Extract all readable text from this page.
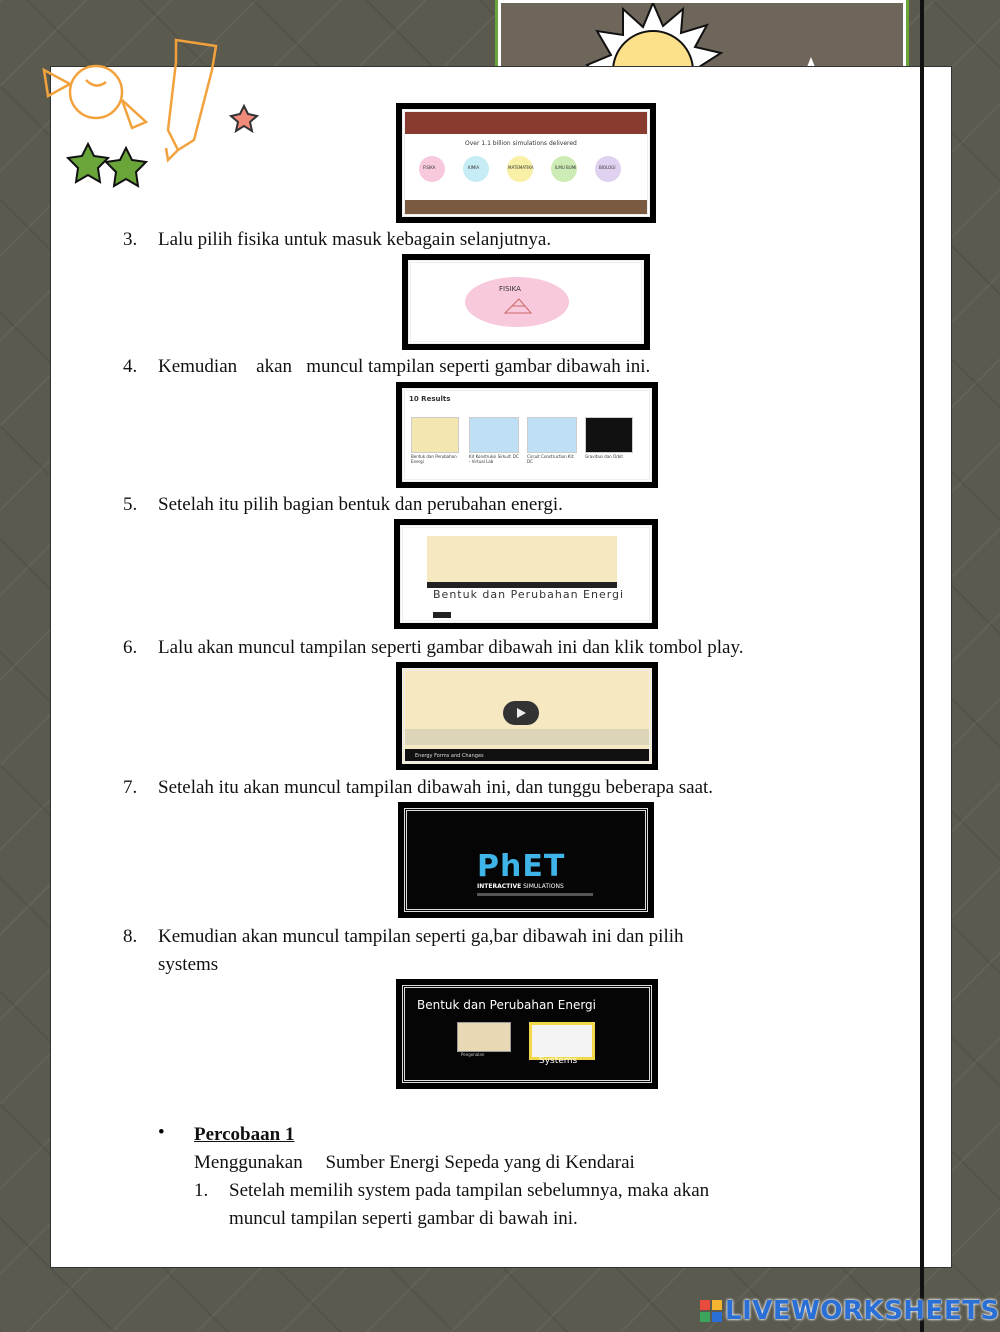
Over 1.1 billion simulations delivered
FISIKA	KIMIA	MATEMATIKA	ILMU BUMI	BIOLOGI
3. Lalu pilih fisika untuk masuk kebagain selanjutnya.
FISIKA
4. Kemudian    akan   muncul tampilan seperti gambar dibawah ini.
10 Results
Bentuk dan Perubahan Energi
Kit Konstruksi Sirkuit: DC - Virtual Lab
Circuit Construction Kit: DC
Gravitasi dan Orbit
5. Setelah itu pilih bagian bentuk dan perubahan energi.
Bentuk dan Perubahan Energi
6. Lalu akan muncul tampilan seperti gambar dibawah ini dan klik tombol play.
Energy Forms and Changes
7. Setelah itu akan muncul tampilan dibawah ini, dan tunggu beberapa saat.
PhET
INTERACTIVE SIMULATIONS
8. Kemudian akan muncul tampilan seperti ga,bar dibawah ini dan pilih
systems
Bentuk dan Perubahan Energi
Pengenalan
Systems
• Percobaan 1
Menggunakan Sumber Energi Sepeda yang di Kendarai
1. Setelah memilih system pada tampilan sebelumnya, maka akan
muncul tampilan seperti gambar di bawah ini.
LIVEWORKSHEETS
